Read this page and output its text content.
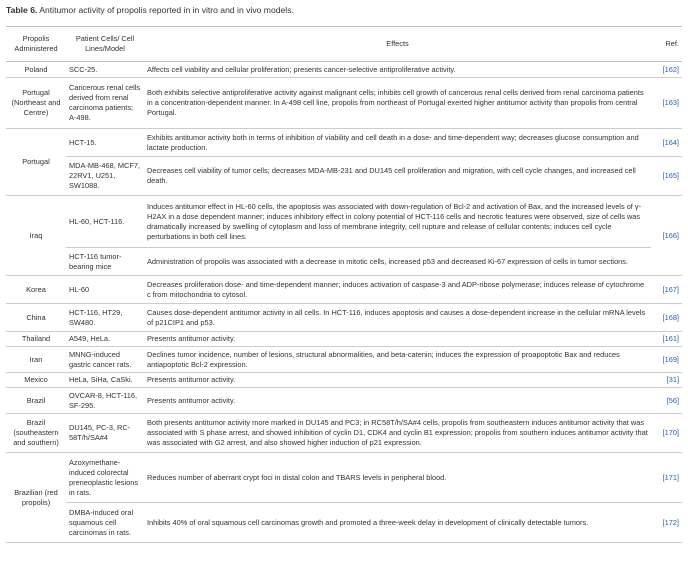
Table 6. Antitumor activity of propolis reported in in vitro and in vivo models.
Propolis Administered	Patient Cells/ Cell Lines/Model	Effects	Ref.
Poland	SCC-25.	Affects cell viability and cellular proliferation; presents cancer-selective antiproliferative activity.	[162]
Portugal (Northeast and Centre)	Cancerous renal cells derived from renal carcinoma patients; A-498.	Both exhibits selective antiproliferative activity against malignant cells; inhibits cell growth of cancerous renal cells derived from renal carcinoma patients in a concentration-dependent manner. In A-498 cell line, propolis from northeast of Portugal exerted higher antitumor activity than propolis from central Portugal.	[163]
Portugal	HCT-15.	Exhibits antitumor activity both in terms of inhibition of viability and cell death in a dose- and time-dependent way; decreases glucose consumption and lactate production.	[164]
	MDA-MB-468, MCF7, 22RV1, U251, SW1088.	Decreases cell viability of tumor cells; decreases MDA-MB-231 and DU145 cell proliferation and migration, with cell cycle changes, and increased cell death.	[165]
Iraq	HL-60, HCT-116.	Induces antitumor effect in HL-60 cells, the apoptosis was associated with down-regulation of Bcl-2 and activation of Bax, and the increased levels of γ-H2AX in a dose dependent manner; induces inhibitory effect in colony potential of HCT-116 cells and necrotic features were observed, size of cells was dramatically increased by swelling of cytoplasm and loss of membrane integrity, cell rupture and release of cellular contents; induces cell cycle perturbations in both cell lines.	[166]
	HCT-116 tumor-bearing mice	Administration of propolis was associated with a decrease in mitotic cells, increased p53 and decreased Ki-67 expression of cells in tumor sections.	
Korea	HL-60	Decreases proliferation dose- and time-dependent manner; induces activation of caspase-3 and ADP-ribose polymerase; induces release of cytochrome c from mitochondria to cytosol.	[167]
China	HCT-116, HT29, SW480.	Causes dose-dependent antitumor activity in all cells. In HCT-116, induces apoptosis and causes a dose-dependent increase in the cellular mRNA levels of p21CIP1 and p53.	[168]
Thailand	A549, HeLa.	Presents antitumor activity.	[161]
Iran	MNNG-induced gastric cancer rats.	Declines tumor incidence, number of lesions, structural abnormalities, and beta-catenin; induces the expression of proapoptotic Bax and reduces antiapoptotic Bcl-2 expression.	[169]
Mexico	HeLa, SiHa, CaSki.	Presents antitumor activity.	[31]
Brazil	OVCAR-8, HCT-116, SF-295.	Presents antitumor activity.	[56]
Brazil (southeastern and southern)	DU145, PC-3, RC-58T/h/SA#4	Both presents antitumor activity more marked in DU145 and PC3; in RC58T/h/SA#4 cells, propolis from southeastern induces antitumor activity that was associated with S phase arrest, and showed inhibition of cyclin D1, CDK4 and cyclin B1 expression; propolis from southern induces antitumor activity that was associated with G2 arrest, and also showed higher induction of p21 expression.	[170]
Brazilian (red propolis)	Azoxymethane-induced colorectal preneoplastic lesions in rats.	Reduces number of aberrant crypt foci in distal colon and TBARS levels in peripheral blood.	[171]
	DMBA-induced oral squamous cell carcinomas in rats.	Inhibits 40% of oral squamous cell carcinomas growth and promoted a three-week delay in development of clinically detectable tumors.	[172]
